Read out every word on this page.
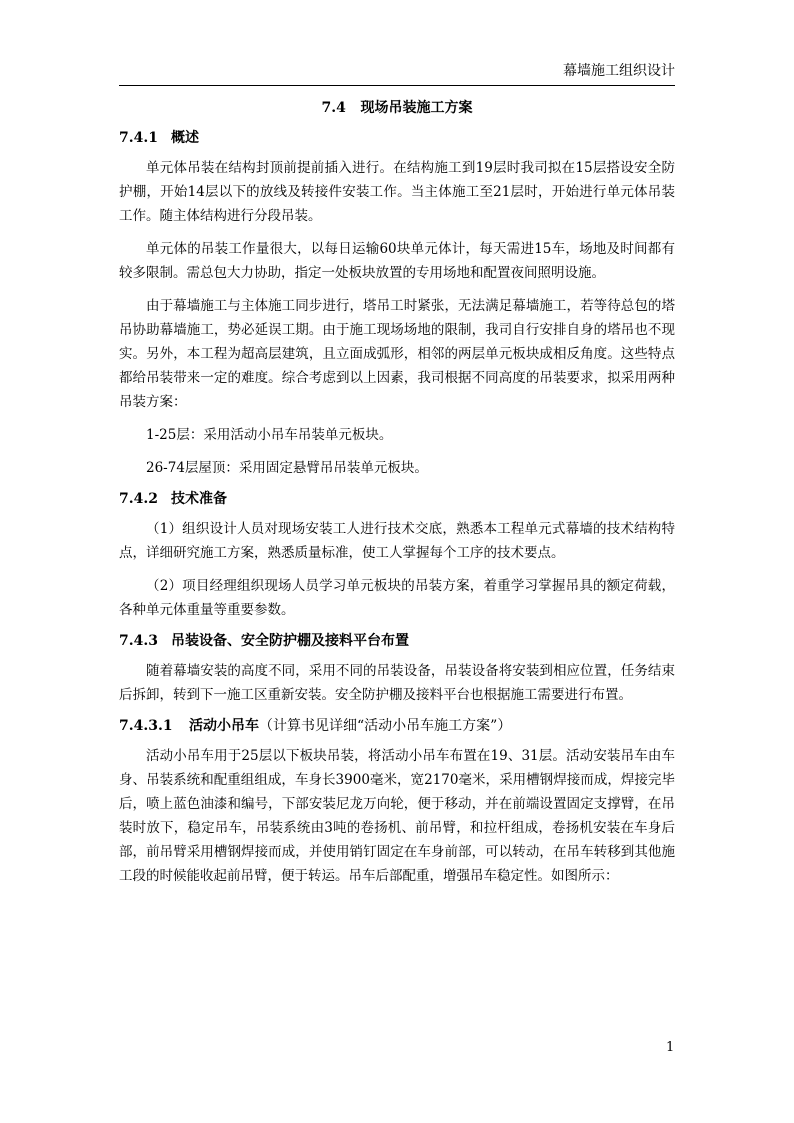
幕墙施工组织设计
7.4 现场吊装施工方案
7.4.1 概述

单元体吊装在结构封顶前提前插入进行。在结构施工到19层时我司拟在15层搭设安全防护棚，开始14层以下的放线及转接件安装工作。当主体施工至21层时，开始进行单元体吊装工作。随主体结构进行分段吊装。

单元体的吊装工作量很大，以每日运输60块单元体计，每天需进15车，场地及时间都有较多限制。需总包大力协助，指定一处板块放置的专用场地和配置夜间照明设施。

由于幕墙施工与主体施工同步进行，塔吊工时紧张，无法满足幕墙施工，若等待总包的塔吊协助幕墙施工，势必延误工期。由于施工现场场地的限制，我司自行安排自身的塔吊也不现实。另外，本工程为超高层建筑，且立面成弧形，相邻的两层单元板块成相反角度。这些特点都给吊装带来一定的难度。综合考虑到以上因素，我司根据不同高度的吊装要求，拟采用两种吊装方案：

1-25层：采用活动小吊车吊装单元板块。

26-74层屋顶：采用固定悬臂吊吊装单元板块。

7.4.2 技术准备

（1）组织设计人员对现场安装工人进行技术交底，熟悉本工程单元式幕墙的技术结构特点，详细研究施工方案，熟悉质量标准，使工人掌握每个工序的技术要点。

（2）项目经理组织现场人员学习单元板块的吊装方案，着重学习掌握吊具的额定荷载，各种单元体重量等重要参数。

7.4.3 吊装设备、安全防护棚及接料平台布置

随着幕墙安装的高度不同，采用不同的吊装设备，吊装设备将安装到相应位置，任务结束后拆卸，转到下一施工区重新安装。安全防护棚及接料平台也根据施工需要进行布置。

7.4.3.1 活动小吊车（计算书见详细“活动小吊车施工方案”）

活动小吊车用于25层以下板块吊装，将活动小吊车布置在19、31层。活动安装吊车由车身、吊装系统和配重组组成，车身长3900毫米，宽2170毫米，采用槽钢焊接而成，焊接完毕后，喷上蓝色油漆和编号，下部安装尼龙万向轮，便于移动，并在前端设置固定支撑臂，在吊装时放下，稳定吊车，吊装系统由3吨的卷扬机、前吊臂，和拉杆组成，卷扬机安装在车身后部，前吊臂采用槽钢焊接而成，并使用销钉固定在车身前部，可以转动，在吊车转移到其他施工段的时候能收起前吊臂，便于转运。吊车后部配重，增强吊车稳定性。如图所示：

1
